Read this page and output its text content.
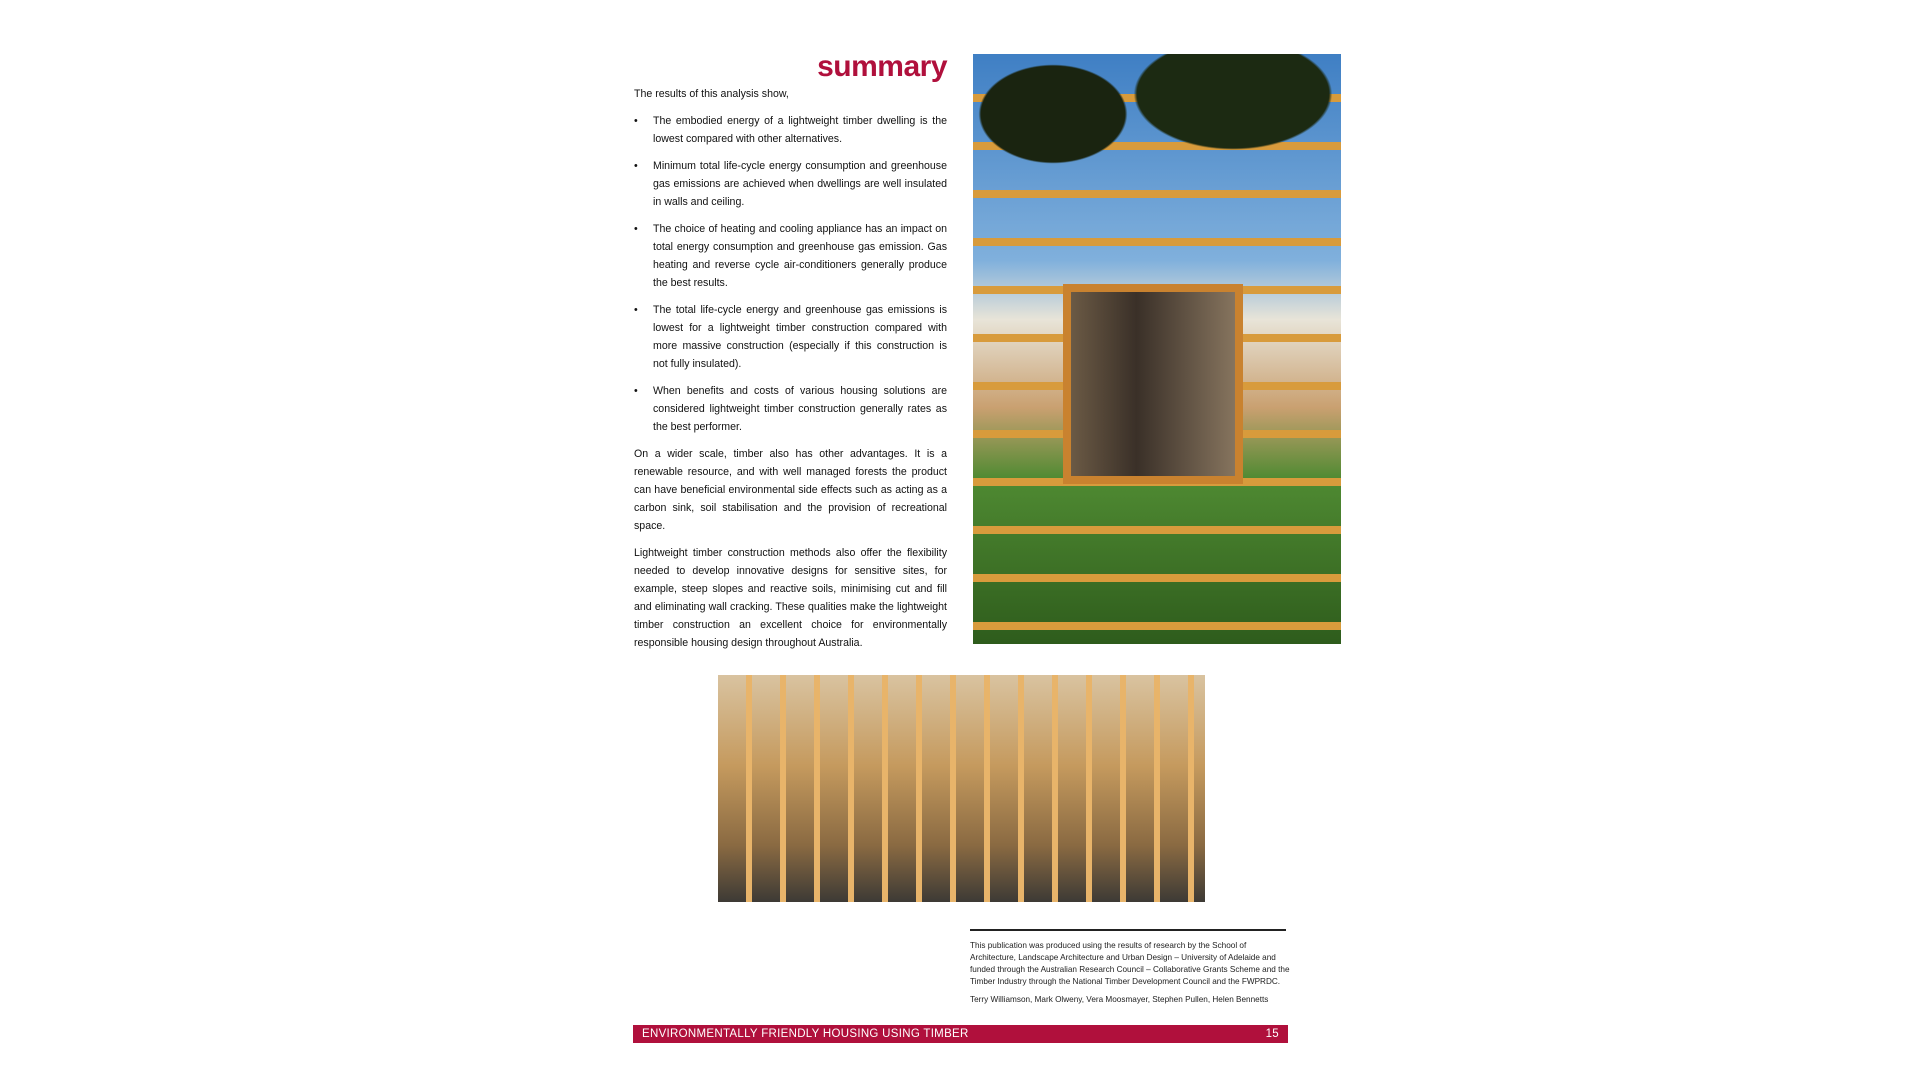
summary

The results of this analysis show,

• The embodied energy of a lightweight timber dwelling is the lowest compared with other alternatives.
• Minimum total life-cycle energy consumption and greenhouse gas emissions are achieved when dwellings are well insulated in walls and ceiling.
• The choice of heating and cooling appliance has an impact on total energy consumption and greenhouse gas emission. Gas heating and reverse cycle air-conditioners generally produce the best results.
• The total life-cycle energy and greenhouse gas emissions is lowest for a lightweight timber construction compared with more massive construction (especially if this construction is not fully insulated).
• When benefits and costs of various housing solutions are considered lightweight timber construction generally rates as the best performer.

On a wider scale, timber also has other advantages. It is a renewable resource, and with well managed forests the product can have beneficial environmental side effects such as acting as a carbon sink, soil stabilisation and the provision of recreational space.

Lightweight timber construction methods also offer the flexibility needed to develop innovative designs for sensitive sites, for example, steep slopes and reactive soils, minimising cut and fill and eliminating wall cracking. These qualities make the lightweight timber construction an excellent choice for environmentally responsible housing design throughout Australia.

This publication was produced using the results of research by the School of Architecture, Landscape Architecture and Urban Design – University of Adelaide and funded through the Australian Research Council – Collaborative Grants Scheme and the Timber Industry through the National Timber Development Council and the FWPRDC.

Terry Williamson, Mark Olweny, Vera Moosmayer, Stephen Pullen, Helen Bennetts

ENVIRONMENTALLY FRIENDLY HOUSING USING TIMBER	15
